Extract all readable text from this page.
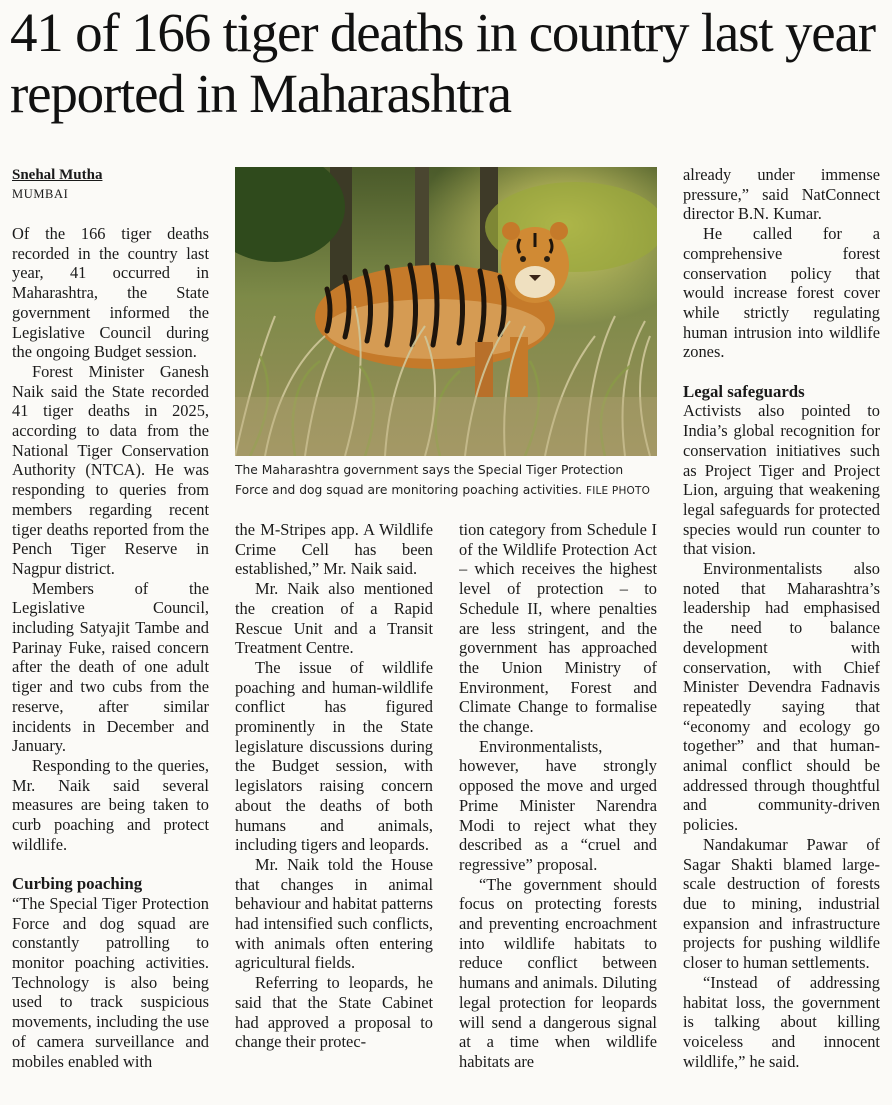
41 of 166 tiger deaths in country last year reported in Maharashtra
Snehal Mutha
MUMBAI

Of the 166 tiger deaths recorded in the country last year, 41 occurred in Maharashtra, the State government informed the Legislative Council during the ongoing Budget session.

Forest Minister Ganesh Naik said the State recorded 41 tiger deaths in 2025, according to data from the National Tiger Conservation Authority (NTCA). He was responding to queries from members regarding recent tiger deaths reported from the Pench Tiger Reserve in Nagpur district.

Members of the Legislative Council, including Satyajit Tambe and Parinay Fuke, raised concern after the death of one adult tiger and two cubs from the reserve, after similar incidents in December and January.

Responding to the queries, Mr. Naik said several measures are being taken to curb poaching and protect wildlife.

Curbing poaching

“The Special Tiger Protection Force and dog squad are constantly patrolling to monitor poaching activities. Technology is also being used to track suspicious movements, including the use of camera surveillance and mobiles enabled with

The Maharashtra government says the Special Tiger Protection Force and dog squad are monitoring poaching activities. FILE PHOTO

the M-Stripes app. A Wildlife Crime Cell has been established,” Mr. Naik said.

Mr. Naik also mentioned the creation of a Rapid Rescue Unit and a Transit Treatment Centre.

The issue of wildlife poaching and human-wildlife conflict has figured prominently in the State legislature discussions during the Budget session, with legislators raising concern about the deaths of both humans and animals, including tigers and leopards.

Mr. Naik told the House that changes in animal behaviour and habitat patterns had intensified such conflicts, with animals often entering agricultural fields.

Referring to leopards, he said that the State Cabinet had approved a proposal to change their protec-

tion category from Schedule I of the Wildlife Protection Act – which receives the highest level of protection – to Schedule II, where penalties are less stringent, and the government has approached the Union Ministry of Environment, Forest and Climate Change to formalise the change.

Environmentalists, however, have strongly opposed the move and urged Prime Minister Narendra Modi to reject what they described as a “cruel and regressive” proposal.

“The government should focus on protecting forests and preventing encroachment into wildlife habitats to reduce conflict between humans and animals. Diluting legal protection for leopards will send a dangerous signal at a time when wildlife habitats are

already under immense pressure,” said NatConnect director B.N. Kumar.

He called for a comprehensive forest conservation policy that would increase forest cover while strictly regulating human intrusion into wildlife zones.

Legal safeguards

Activists also pointed to India’s global recognition for conservation initiatives such as Project Tiger and Project Lion, arguing that weakening legal safeguards for protected species would run counter to that vision.

Environmentalists also noted that Maharashtra’s leadership had emphasised the need to balance development with conservation, with Chief Minister Devendra Fadnavis repeatedly saying that “economy and ecology go together” and that human-animal conflict should be addressed through thoughtful and community-driven policies.

Nandakumar Pawar of Sagar Shakti blamed large-scale destruction of forests due to mining, industrial expansion and infrastructure projects for pushing wildlife closer to human settlements.

“Instead of addressing habitat loss, the government is talking about killing voiceless and innocent wildlife,” he said.
